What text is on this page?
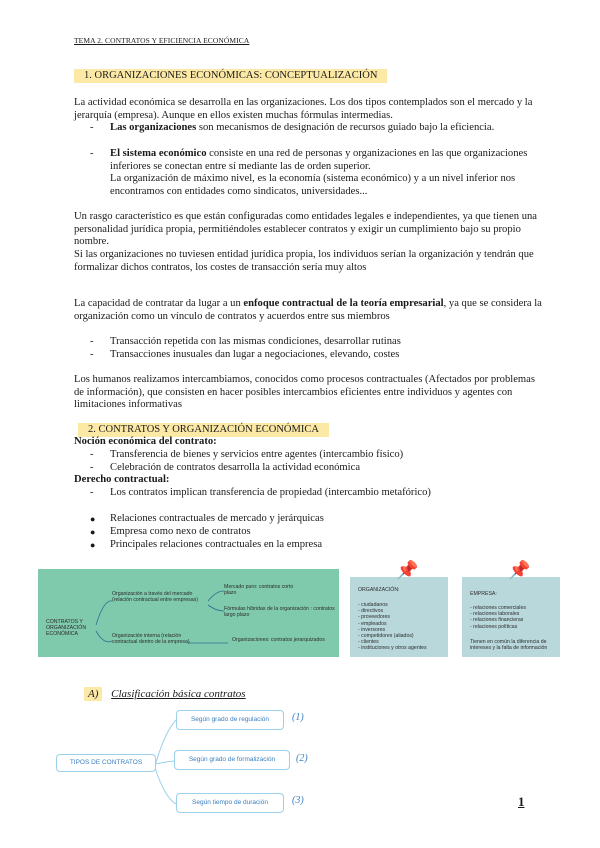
TEMA 2. CONTRATOS Y EFICIENCIA ECONÓMICA
1. ORGANIZACIONES ECONÓMICAS: CONCEPTUALIZACIÓN
La actividad económica se desarrolla en las organizaciones. Los dos tipos contemplados son el mercado y la jerarquía (empresa). Aunque en ellos existen muchas fórmulas intermedias.
-	Las organizaciones son mecanismos de designación de recursos guiado bajo la eficiencia.
-	El sistema económico consiste en una red de personas y organizaciones en las que organizaciones inferiores se conectan entre sí mediante las de orden superior.
La organización de máximo nivel, es la economía (sistema económico) y a un nivel inferior nos encontramos con entidades como sindicatos, universidades...
Un rasgo característico es que están configuradas como entidades legales e independientes, ya que tienen una personalidad jurídica propia, permitiéndoles establecer contratos y exigir un cumplimiento bajo su propio nombre.
Si las organizaciones no tuviesen entidad jurídica propia, los individuos serían la organización y tendrán que formalizar dichos contratos, los costes de transacción sería muy altos
La capacidad de contratar da lugar a un enfoque contractual de la teoría empresarial, ya que se considera la organización como un vínculo de contratos y acuerdos entre sus miembros
-	Transacción repetida con las mismas condiciones, desarrollar rutinas
-	Transacciones inusuales dan lugar a negociaciones, elevando, costes
Los humanos realizamos intercambiamos, conocidos como procesos contractuales (Afectados por problemas de información), que consisten en hacer posibles intercambios eficientes entre individuos y agentes con limitaciones informativas
2. CONTRATOS Y ORGANIZACIÓN ECONÓMICA
Noción económica del contrato:
-	Transferencia de bienes y servicios entre agentes (intercambio físico)
-	Celebración de contratos desarrolla la actividad económica
Derecho contractual:
-	Los contratos implican transferencia de propiedad (intercambio metafórico)
●	Relaciones contractuales de mercado y jerárquicas
●	Empresa como nexo de contratos
●	Principales relaciones contractuales en la empresa
CONTRATOS Y ORGANIZACIÓN ECONÓMICA
Organización a través del mercado (relación contractual entre empresas)
Organización interna (relación contractual dentro de la empresa)
Mercado puro: contratos corto plazo
Fórmulas híbridas de la organización : contratos largo plazo
Organizaciones: contratos jerarquizados
ORGANIZACIÓN:
- ciudadanos
- directivos
- proveedores
- empleados
- inversores
- competidores (aliados)
- clientes
- instituciones y otros agentes
📌
EMPRESA:
- relaciones comerciales
- relaciones laborales
- relaciones financieras
- relaciones políticas
Tienen en común la diferencia de intereses y la falta de información
📌
A) Clasificación básica contratos
TIPOS DE CONTRATOS
Según grado de regulación
Según grado de formalización
Según tiempo de duración
(1)
(2)
(3)	1
